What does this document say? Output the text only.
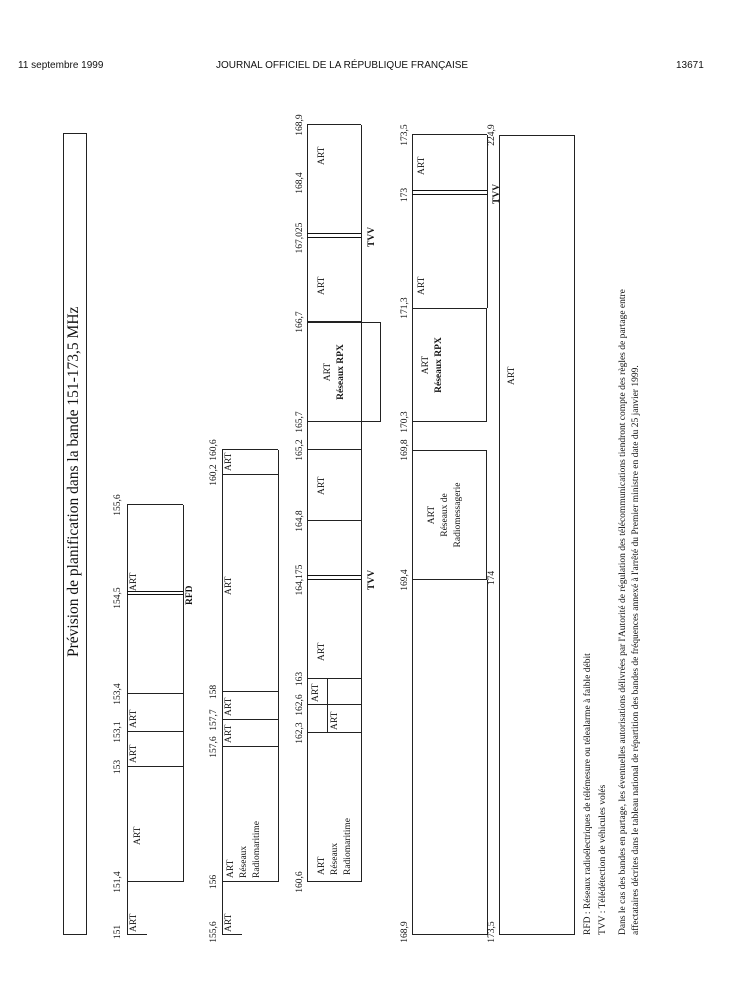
11 septembre 1999	JOURNAL OFFICIEL DE LA RÉPUBLIQUE FRANÇAISE	13671
Prévision de planification dans la bande 151-173,5 MHz
151
151,4
153
153,1
153,4
154,5
155,6
ART
ART
ART
ART
ART
RFD
155,6
156
157,6
157,7
158
160,2
160,6
ART
ART Réseaux Radiomaritime
ART
ART
ART
ART
160,6
162,3
162,6
163
164,175
164,8
165,2
165,7
166,7
167,025
168,4
168,9
ART Réseaux Radiomaritime
ART
ART
ART
ART
ART Réseaux RPX
ART
ART
TVV
TVV
168,9
169,4
169,8
170,3
171,3
173
173,5
ART Réseaux de Radiomessagerie
ART Réseaux RPX
ART
ART
TVV
173,5
174
224,9
ART
RFD : Réseaux radioélectriques de télémesure ou télealarme à faible débit TVV : Télédétection de véhicules volés Dans le cas des bandes en partage, les éventuelles autorisations délivrées par l'Autorité de régulation des télécommunications tiendront compte des règles de partage entre affectataires décrites dans le tableau national de répartition des bandes de fréquences annexé à l'arrêté du Premier ministre en date du 25 janvier 1999.
